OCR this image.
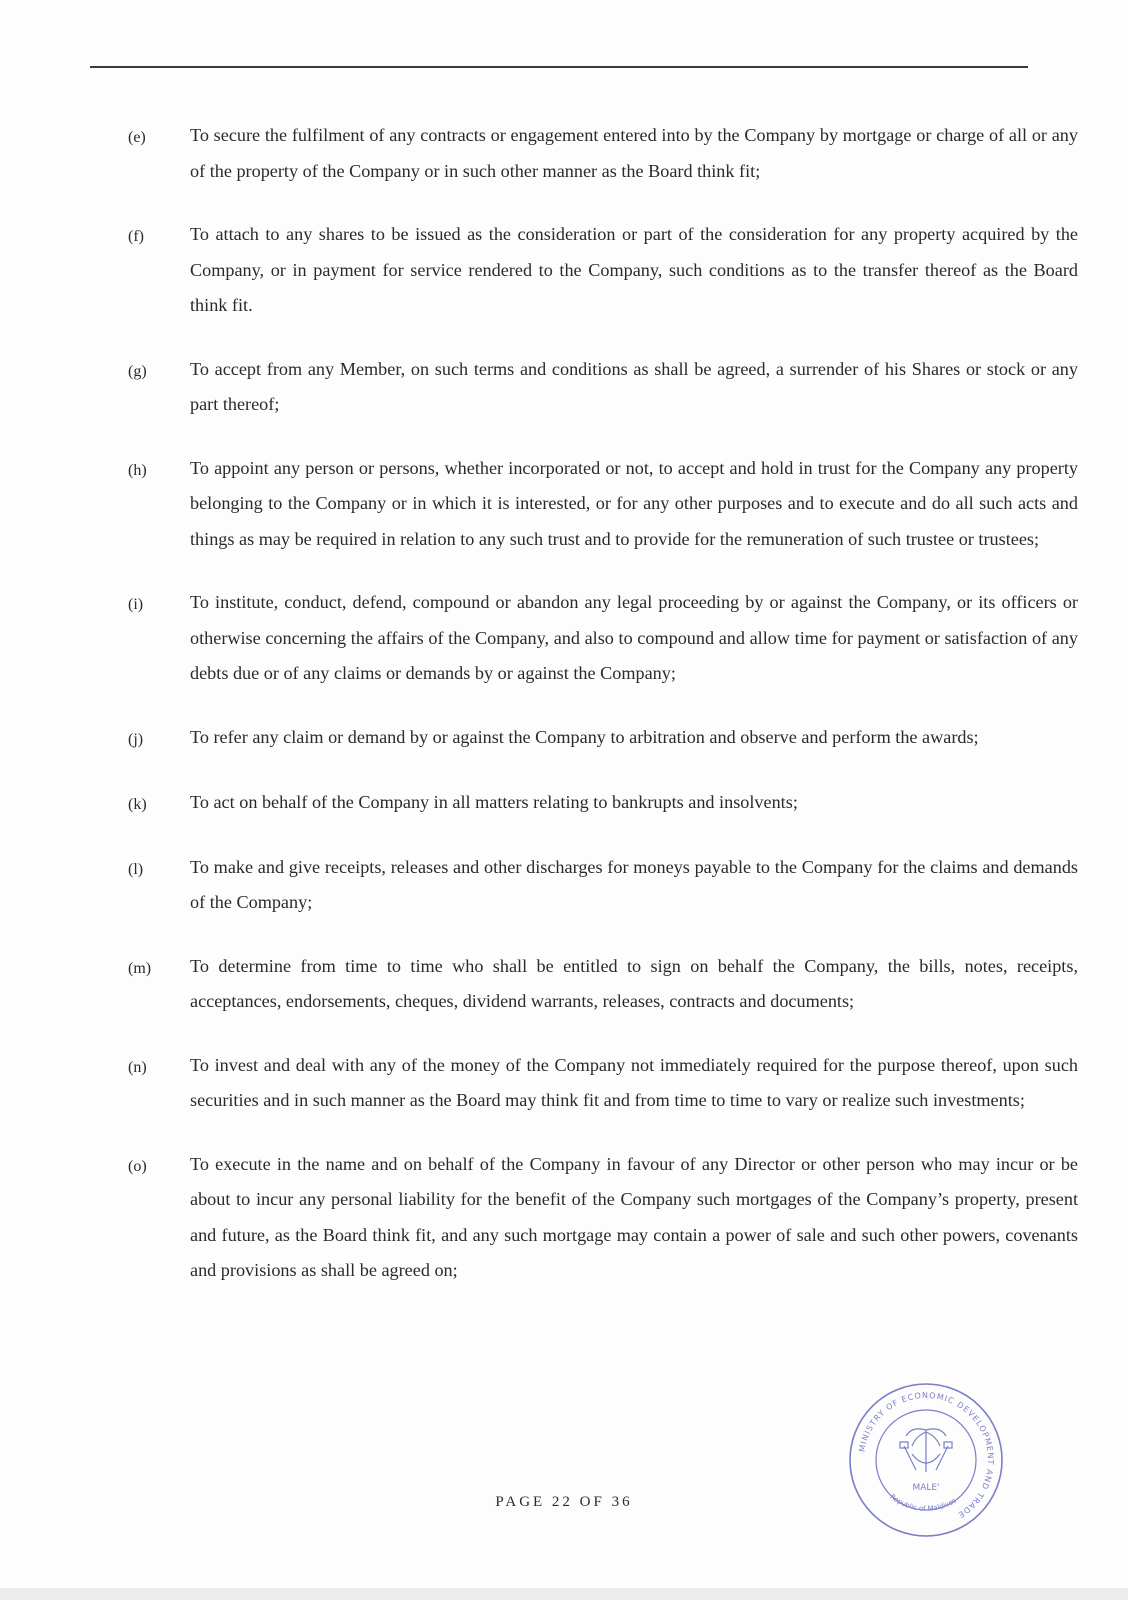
(e)	To secure the fulfilment of any contracts or engagement entered into by the Company by mortgage or charge of all or any of the property of the Company or in such other manner as the Board think fit;
(f)	To attach to any shares to be issued as the consideration or part of the consideration for any property acquired by the Company, or in payment for service rendered to the Company, such conditions as to the transfer thereof as the Board think fit.
(g)	To accept from any Member, on such terms and conditions as shall be agreed, a surrender of his Shares or stock or any part thereof;
(h)	To appoint any person or persons, whether incorporated or not, to accept and hold in trust for the Company any property belonging to the Company or in which it is interested, or for any other purposes and to execute and do all such acts and things as may be required in relation to any such trust and to provide for the remuneration of such trustee or trustees;
(i)	To institute, conduct, defend, compound or abandon any legal proceeding by or against the Company, or its officers or otherwise concerning the affairs of the Company, and also to compound and allow time for payment or satisfaction of any debts due or of any claims or demands by or against the Company;
(j)	To refer any claim or demand by or against the Company to arbitration and observe and perform the awards;
(k)	To act on behalf of the Company in all matters relating to bankrupts and insolvents;
(l)	To make and give receipts, releases and other discharges for moneys payable to the Company for the claims and demands of the Company;
(m)	To determine from time to time who shall be entitled to sign on behalf the Company, the bills, notes, receipts, acceptances, endorsements, cheques, dividend warrants, releases, contracts and documents;
(n)	To invest and deal with any of the money of the Company not immediately required for the purpose thereof, upon such securities and in such manner as the Board may think fit and from time to time to vary or realize such investments;
(o)	To execute in the name and on behalf of the Company in favour of any Director or other person who may incur or be about to incur any personal liability for the benefit of the Company such mortgages of the Company’s property, present and future, as the Board think fit, and any such mortgage may contain a power of sale and such other powers, covenants and provisions as shall be agreed on;
MINISTRY OF ECONOMIC DEVELOPMENT AND TRADE
Republic of Maldives
MALE'
PAGE 22 OF 36
